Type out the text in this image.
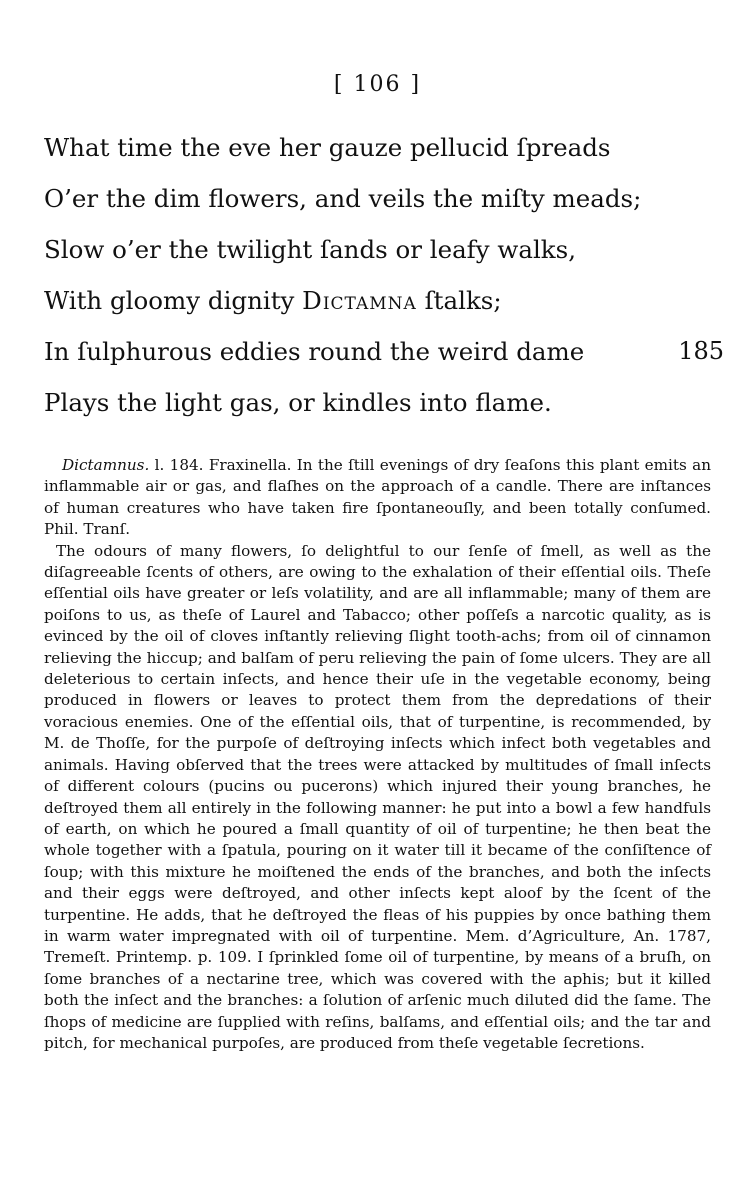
[ 106 ]
What time the eve her gauze pellucid ſpreads
O’er the dim flowers, and veils the miſty meads;
Slow o’er the twilight ſands or leafy walks,
With gloomy dignity Dictamna ſtalks;
In ſulphurous eddies round the weird dame	185
Plays the light gas, or kindles into flame.

Dictamnus. l. 184. Fraxinella. In the ſtill evenings of dry ſeaſons this plant emits an inflammable air or gas, and flaſhes on the approach of a candle. There are inſtances of human creatures who have taken fire ſpontaneouſly, and been totally conſumed. Phil. Tranſ.

The odours of many flowers, ſo delightful to our ſenſe of ſmell, as well as the diſagreeable ſcents of others, are owing to the exhalation of their eſſential oils. Theſe eſſential oils have greater or leſs volatility, and are all inflammable; many of them are poiſons to us, as theſe of Laurel and Tabacco; other poſſeſs a narcotic quality, as is evinced by the oil of cloves inſtantly relieving ſlight tooth-achs; from oil of cinnamon relieving the hiccup; and balſam of peru relieving the pain of ſome ulcers. They are all deleterious to certain inſects, and hence their uſe in the vegetable economy, being produced in flowers or leaves to protect them from the depredations of their voracious enemies. One of the eſſential oils, that of turpentine, is recommended, by M. de Thoſſe, for the purpoſe of deſtroying inſects which infect both vegetables and animals. Having obſerved that the trees were attacked by multitudes of ſmall inſects of different colours (pucins ou pucerons) which injured their young branches, he deſtroyed them all entirely in the following manner: he put into a bowl a few handfuls of earth, on which he poured a ſmall quantity of oil of turpentine; he then beat the whole together with a ſpatula, pouring on it water till it became of the conſiſtence of ſoup; with this mixture he moiſtened the ends of the branches, and both the inſects and their eggs were deſtroyed, and other inſects kept aloof by the ſcent of the turpentine. He adds, that he deſtroyed the fleas of his puppies by once bathing them in warm water impregnated with oil of turpentine. Mem. d’Agriculture, An. 1787, Tremeſt. Printemp. p. 109. I ſprinkled ſome oil of turpentine, by means of a bruſh, on ſome branches of a nectarine tree, which was covered with the aphis; but it killed both the inſect and the branches: a ſolution of arſenic much diluted did the ſame. The ſhops of medicine are ſupplied with reſins, balſams, and eſſential oils; and the tar and pitch, for mechanical purpoſes, are produced from theſe vegetable ſecretions.
